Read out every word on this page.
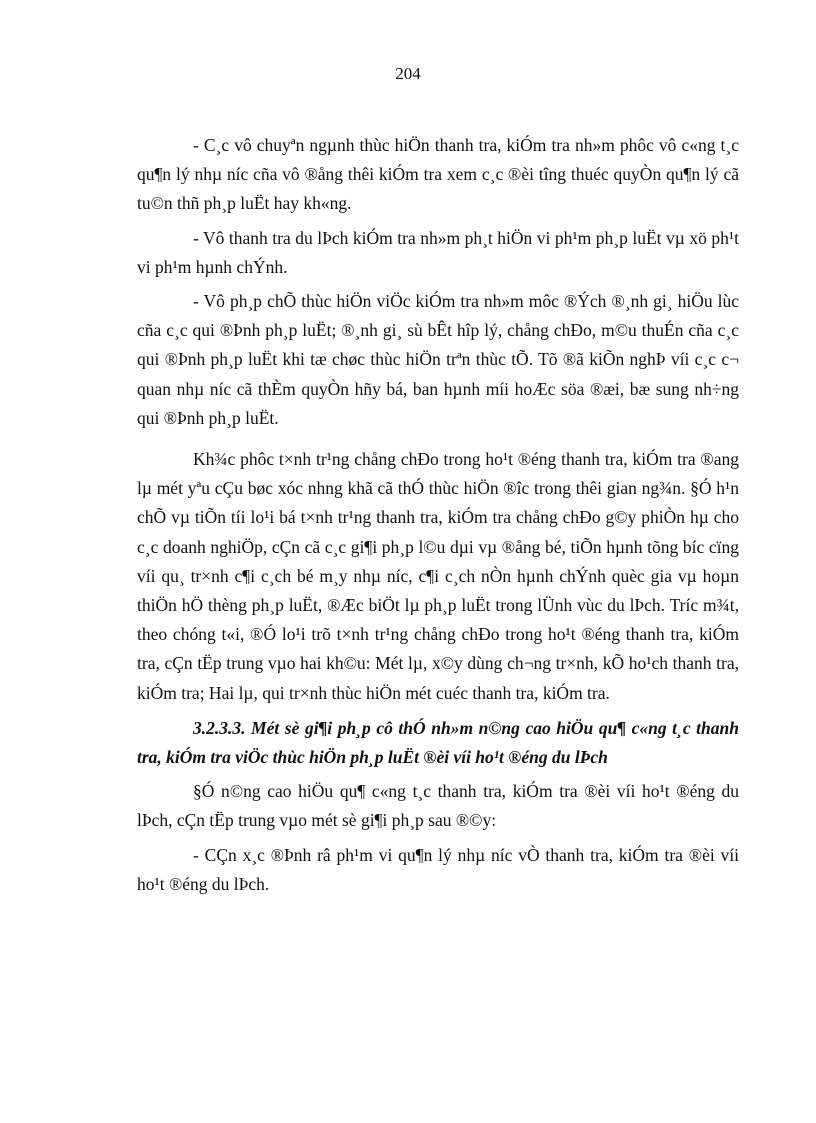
204

- C¸c vô chuyªn ngµnh thùc hiÖn thanh tra, kiÓm tra nh»m phôc vô c«ng t¸c qu¶n lý nhµ níc cña vô ®ång thêi kiÓm tra xem c¸c ®èi tîng thuéc quyÒn qu¶n lý cã tu©n thñ ph¸p luËt hay kh«ng.

- Vô thanh tra du lÞch kiÓm tra nh»m ph¸t hiÖn vi ph¹m ph¸p luËt vµ xö ph¹t vi ph¹m hµnh chÝnh.

- Vô ph¸p chÕ thùc hiÖn viÖc kiÓm tra nh»m môc ®Ých ®¸nh gi¸ hiÖu lùc cña c¸c qui ®Þnh ph¸p luËt; ®¸nh gi¸ sù bÊt hîp lý, chång chÐo, m©u thuÉn cña c¸c qui ®Þnh ph¸p luËt khi tæ chøc thùc hiÖn trªn thùc tÕ. Tõ ®ã kiÕn nghÞ víi c¸c c¬ quan nhµ níc cã thÈm quyÒn hñy bá, ban hµnh míi hoÆc söa ®æi, bæ sung nh÷ng qui ®Þnh ph¸p luËt.

Kh¾c phôc t×nh tr¹ng chång chÐo trong ho¹t ®éng thanh tra, kiÓm tra ®ang lµ mét yªu cÇu bøc xóc nhng khã cã thÓ thùc hiÖn ®îc trong thêi gian ng¾n. §Ó h¹n chÕ vµ tiÕn tíi lo¹i bá t×nh tr¹ng thanh tra, kiÓm tra chång chÐo g©y phiÒn hµ cho c¸c doanh nghiÖp, cÇn cã c¸c gi¶i ph¸p l©u dµi vµ ®ång bé, tiÕn hµnh tõng bíc cïng víi qu¸ tr×nh c¶i c¸ch bé m¸y nhµ níc, c¶i c¸ch nÒn hµnh chÝnh quèc gia vµ hoµn thiÖn hÖ thèng ph¸p luËt, ®Æc biÖt lµ ph¸p luËt trong lÜnh vùc du lÞch. Tríc m¾t, theo chóng t«i, ®Ó lo¹i trõ t×nh tr¹ng chång chÐo trong ho¹t ®éng thanh tra, kiÓm tra, cÇn tËp trung vµo hai kh©u: Mét lµ, x©y dùng ch¬ng tr×nh, kÕ ho¹ch thanh tra, kiÓm tra; Hai lµ, qui tr×nh thùc hiÖn mét cuéc thanh tra, kiÓm tra.

3.2.3.3. Mét sè gi¶i ph¸p cô thÓ nh»m n©ng cao hiÖu qu¶ c«ng t¸c thanh tra, kiÓm tra viÖc thùc hiÖn ph¸p luËt ®èi víi ho¹t ®éng du lÞch

§Ó n©ng cao hiÖu qu¶ c«ng t¸c thanh tra, kiÓm tra ®èi víi ho¹t ®éng du lÞch, cÇn tËp trung vµo mét sè gi¶i ph¸p sau ®©y:

- CÇn x¸c ®Þnh râ ph¹m vi qu¶n lý nhµ níc vÒ thanh tra, kiÓm tra ®èi víi ho¹t ®éng du lÞch.
